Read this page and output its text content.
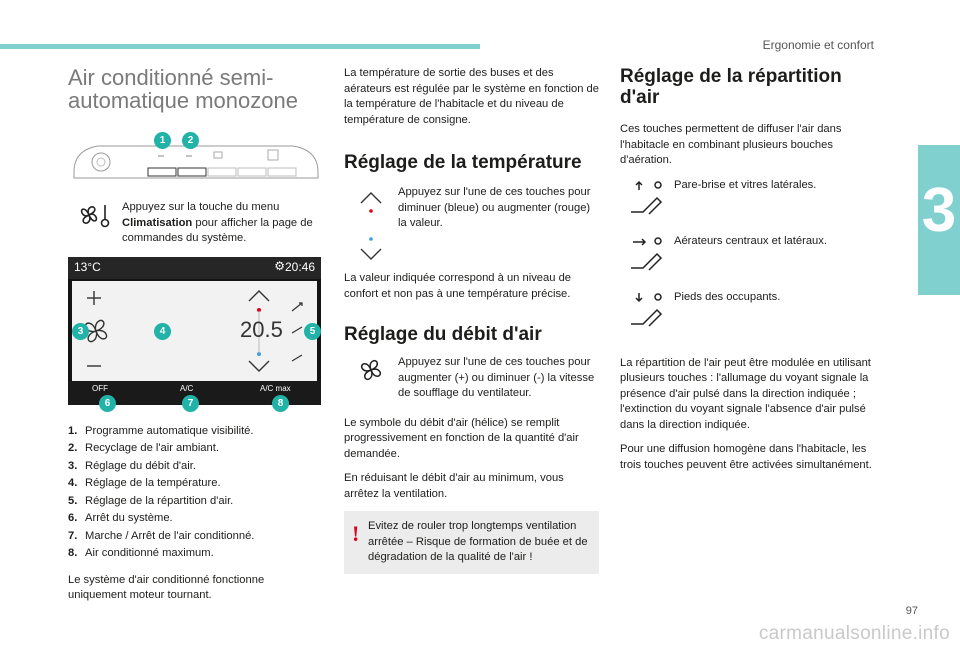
Ergonomie et confort
3
97
carmanualsonline.info
Air conditionné semi-automatique monozone
1	2

Appuyez sur la touche du menu Climatisation pour afficher la page de commandes du système.

13°C	⚙ 20:46
20.5
OFF	A/C	A/C max
3	4	5
6	7	8
1. Programme automatique visibilité.
2. Recyclage de l'air ambiant.
3. Réglage du débit d'air.
4. Réglage de la température.
5. Réglage de la répartition d'air.
6. Arrêt du système.
7. Marche / Arrêt de l'air conditionné.
8. Air conditionné maximum.

Le système d'air conditionné fonctionne uniquement moteur tournant.

La température de sortie des buses et des aérateurs est régulée par le système en fonction de la température de l'habitacle et du niveau de température de consigne.

Réglage de la température

Appuyez sur l'une de ces touches pour diminuer (bleue) ou augmenter (rouge) la valeur.

La valeur indiquée correspond à un niveau de confort et non pas à une température précise.

Réglage du débit d'air

Appuyez sur l'une de ces touches pour augmenter (+) ou diminuer (-) la vitesse de soufflage du ventilateur.

Le symbole du débit d'air (hélice) se remplit progressivement en fonction de la quantité d'air demandée.

En réduisant le débit d'air au minimum, vous arrêtez la ventilation.

! Evitez de rouler trop longtemps ventilation arrêtée – Risque de formation de buée et de dégradation de la qualité de l'air !

Réglage de la répartition d'air

Ces touches permettent de diffuser l'air dans l'habitacle en combinant plusieurs bouches d'aération.

Pare-brise et vitres latérales.

Aérateurs centraux et latéraux.

Pieds des occupants.

La répartition de l'air peut être modulée en utilisant plusieurs touches : l'allumage du voyant signale la présence d'air pulsé dans la direction indiquée ; l'extinction du voyant signale l'absence d'air pulsé dans la direction indiquée.

Pour une diffusion homogène dans l'habitacle, les trois touches peuvent être activées simultanément.
